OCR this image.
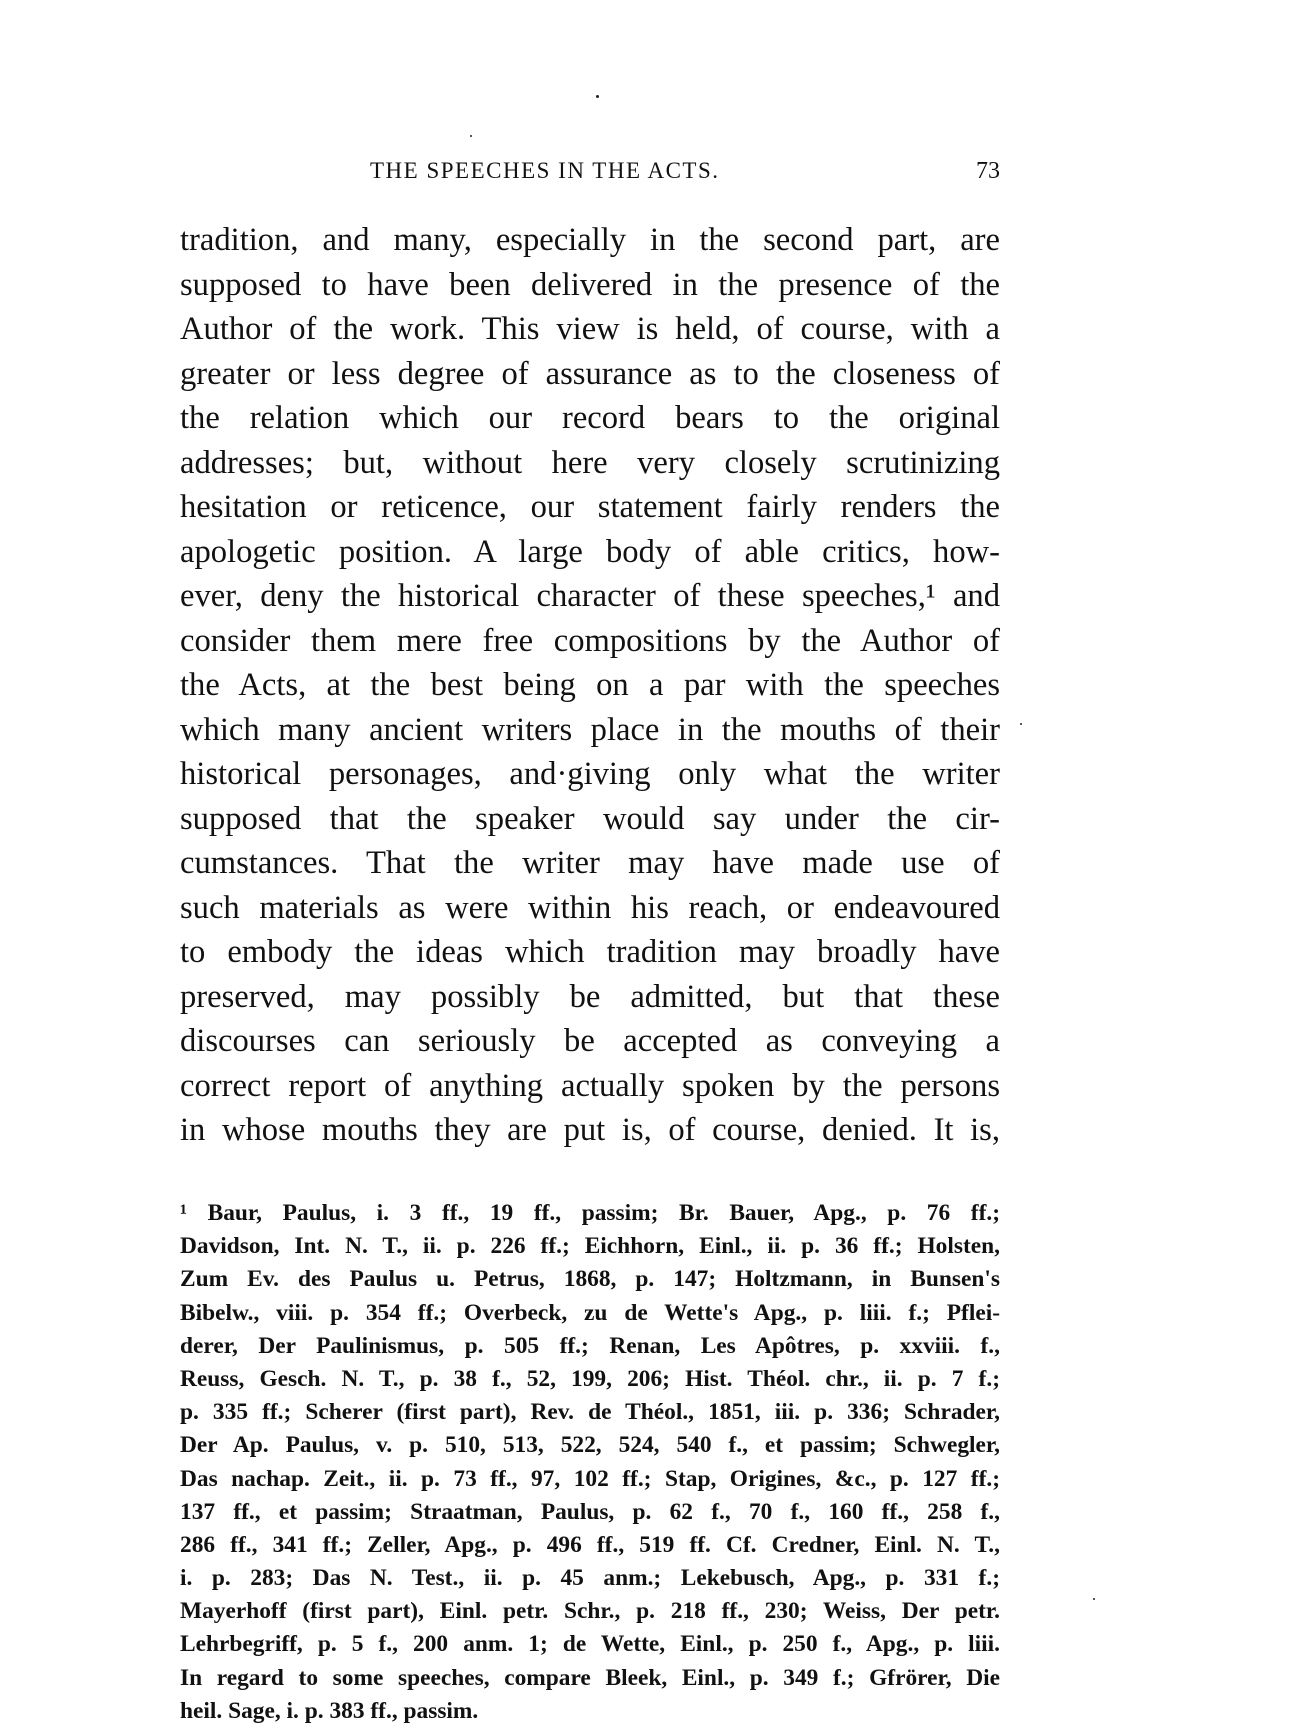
THE SPEECHES IN THE ACTS.	73
tradition, and many, especially in the second part, are
supposed to have been delivered in the presence of the
Author of the work. This view is held, of course, with a
greater or less degree of assurance as to the closeness of
the relation which our record bears to the original
addresses; but, without here very closely scrutinizing
hesitation or reticence, our statement fairly renders the
apologetic position. A large body of able critics, how-
ever, deny the historical character of these speeches,¹ and
consider them mere free compositions by the Author of
the Acts, at the best being on a par with the speeches
which many ancient writers place in the mouths of their
historical personages, and·giving only what the writer
supposed that the speaker would say under the cir-
cumstances. That the writer may have made use of
such materials as were within his reach, or endeavoured
to embody the ideas which tradition may broadly have
preserved, may possibly be admitted, but that these
discourses can seriously be accepted as conveying a
correct report of anything actually spoken by the persons
in whose mouths they are put is, of course, denied. It is,
¹ Baur, Paulus, i. 3 ff., 19 ff., passim; Br. Bauer, Apg., p. 76 ff.;
Davidson, Int. N. T., ii. p. 226 ff.; Eichhorn, Einl., ii. p. 36 ff.; Holsten,
Zum Ev. des Paulus u. Petrus, 1868, p. 147; Holtzmann, in Bunsen's
Bibelw., viii. p. 354 ff.; Overbeck, zu de Wette's Apg., p. liii. f.; Pflei-
derer, Der Paulinismus, p. 505 ff.; Renan, Les Apôtres, p. xxviii. f.,
Reuss, Gesch. N. T., p. 38 f., 52, 199, 206; Hist. Théol. chr., ii. p. 7 f.;
p. 335 ff.; Scherer (first part), Rev. de Théol., 1851, iii. p. 336; Schrader,
Der Ap. Paulus, v. p. 510, 513, 522, 524, 540 f., et passim; Schwegler,
Das nachap. Zeit., ii. p. 73 ff., 97, 102 ff.; Stap, Origines, &c., p. 127 ff.;
137 ff., et passim; Straatman, Paulus, p. 62 f., 70 f., 160 ff., 258 f.,
286 ff., 341 ff.; Zeller, Apg., p. 496 ff., 519 ff. Cf. Credner, Einl. N. T.,
i. p. 283; Das N. Test., ii. p. 45 anm.; Lekebusch, Apg., p. 331 f.;
Mayerhoff (first part), Einl. petr. Schr., p. 218 ff., 230; Weiss, Der petr.
Lehrbegriff, p. 5 f., 200 anm. 1; de Wette, Einl., p. 250 f., Apg., p. liii.
In regard to some speeches, compare Bleek, Einl., p. 349 f.; Gfrörer, Die
heil. Sage, i. p. 383 ff., passim.
